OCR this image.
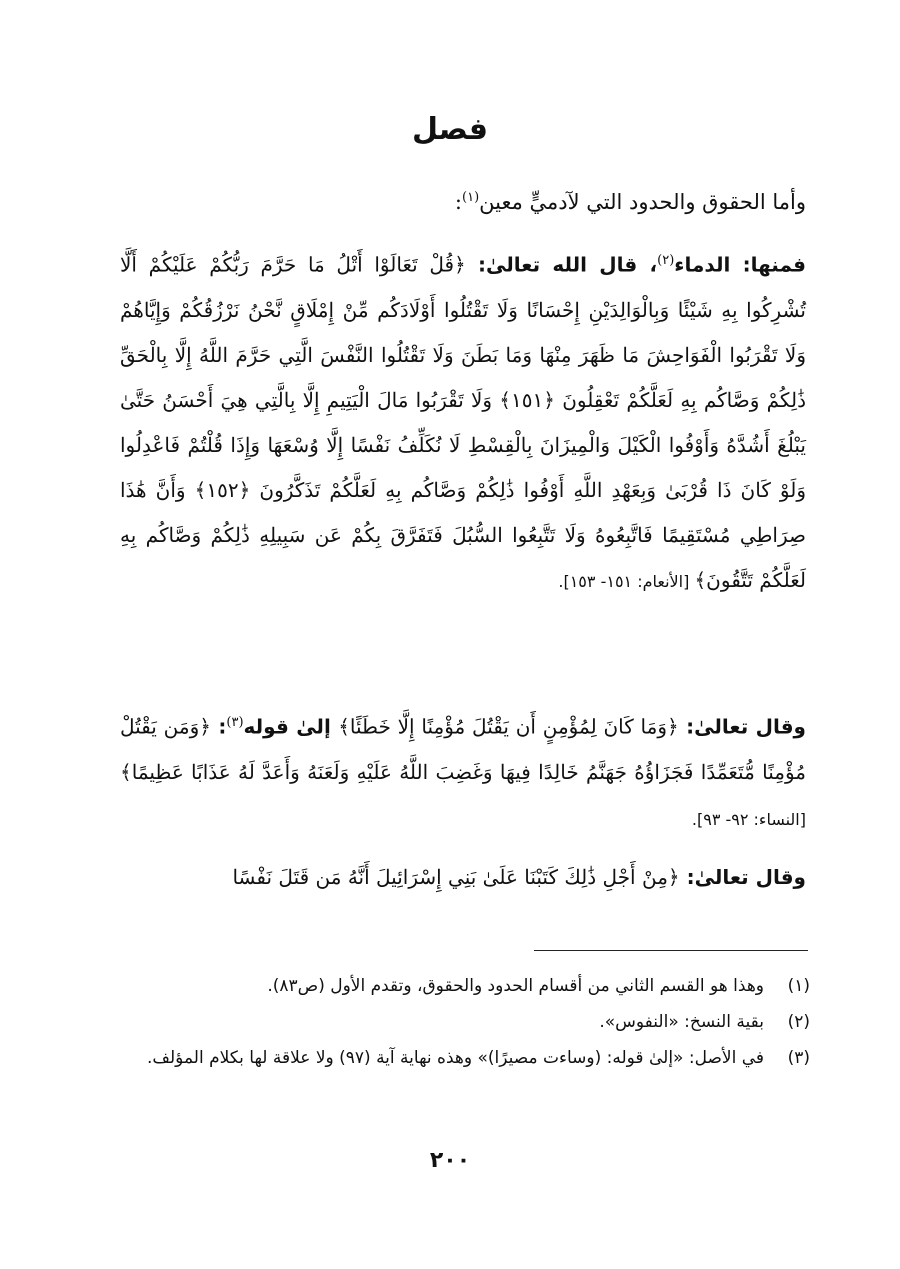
فصل
وأما الحقوق والحدود التي لآدميٍّ معين$^{(١)}$:
فمنها: الدماء$^{(٢)}$، قال الله تعالىٰ: ﴿قُلْ تَعَالَوْا أَتْلُ مَا حَرَّمَ رَبُّكُمْ عَلَيْكُمْ أَلَّا تُشْرِكُوا بِهِ شَيْئًا وَبِالْوَالِدَيْنِ إِحْسَانًا وَلَا تَقْتُلُوا أَوْلَادَكُم مِّنْ إِمْلَاقٍ نَّحْنُ نَرْزُقُكُمْ وَإِيَّاهُمْ وَلَا تَقْرَبُوا الْفَوَاحِشَ مَا ظَهَرَ مِنْهَا وَمَا بَطَنَ وَلَا تَقْتُلُوا النَّفْسَ الَّتِي حَرَّمَ اللَّهُ إِلَّا بِالْحَقِّ ذَٰلِكُمْ وَصَّاكُم بِهِ لَعَلَّكُمْ تَعْقِلُونَ ﴿١٥١﴾ وَلَا تَقْرَبُوا مَالَ الْيَتِيمِ إِلَّا بِالَّتِي هِيَ أَحْسَنُ حَتَّىٰ يَبْلُغَ أَشُدَّهُ وَأَوْفُوا الْكَيْلَ وَالْمِيزَانَ بِالْقِسْطِ لَا نُكَلِّفُ نَفْسًا إِلَّا وُسْعَهَا وَإِذَا قُلْتُمْ فَاعْدِلُوا وَلَوْ كَانَ ذَا قُرْبَىٰ وَبِعَهْدِ اللَّهِ أَوْفُوا ذَٰلِكُمْ وَصَّاكُم بِهِ لَعَلَّكُمْ تَذَكَّرُونَ ﴿١٥٢﴾ وَأَنَّ هَٰذَا صِرَاطِي مُسْتَقِيمًا فَاتَّبِعُوهُ وَلَا تَتَّبِعُوا السُّبُلَ فَتَفَرَّقَ بِكُمْ عَن سَبِيلِهِ ذَٰلِكُمْ وَصَّاكُم بِهِ لَعَلَّكُمْ تَتَّقُونَ﴾ [الأنعام: ١٥١- ١٥٣].
وقال تعالىٰ: ﴿وَمَا كَانَ لِمُؤْمِنٍ أَن يَقْتُلَ مُؤْمِنًا إِلَّا خَطَئًا﴾ إلىٰ قوله$^{(٣)}$: ﴿وَمَن يَقْتُلْ مُؤْمِنًا مُّتَعَمِّدًا فَجَزَاؤُهُ جَهَنَّمُ خَالِدًا فِيهَا وَغَضِبَ اللَّهُ عَلَيْهِ وَلَعَنَهُ وَأَعَدَّ لَهُ عَذَابًا عَظِيمًا﴾ [النساء: ٩٢- ٩٣].
وقال تعالىٰ: ﴿مِنْ أَجْلِ ذَٰلِكَ كَتَبْنَا عَلَىٰ بَنِي إِسْرَائِيلَ أَنَّهُ مَن قَتَلَ نَفْسًا
(١)
وهذا هو القسم الثاني من أقسام الحدود والحقوق، وتقدم الأول (ص٨٣).
(٢)
بقية النسخ: «النفوس».
(٣)
في الأصل: «إلىٰ قوله: (وساءت مصيرًا)» وهذه نهاية آية (٩٧) ولا علاقة لها بكلام المؤلف.
٢٠٠
